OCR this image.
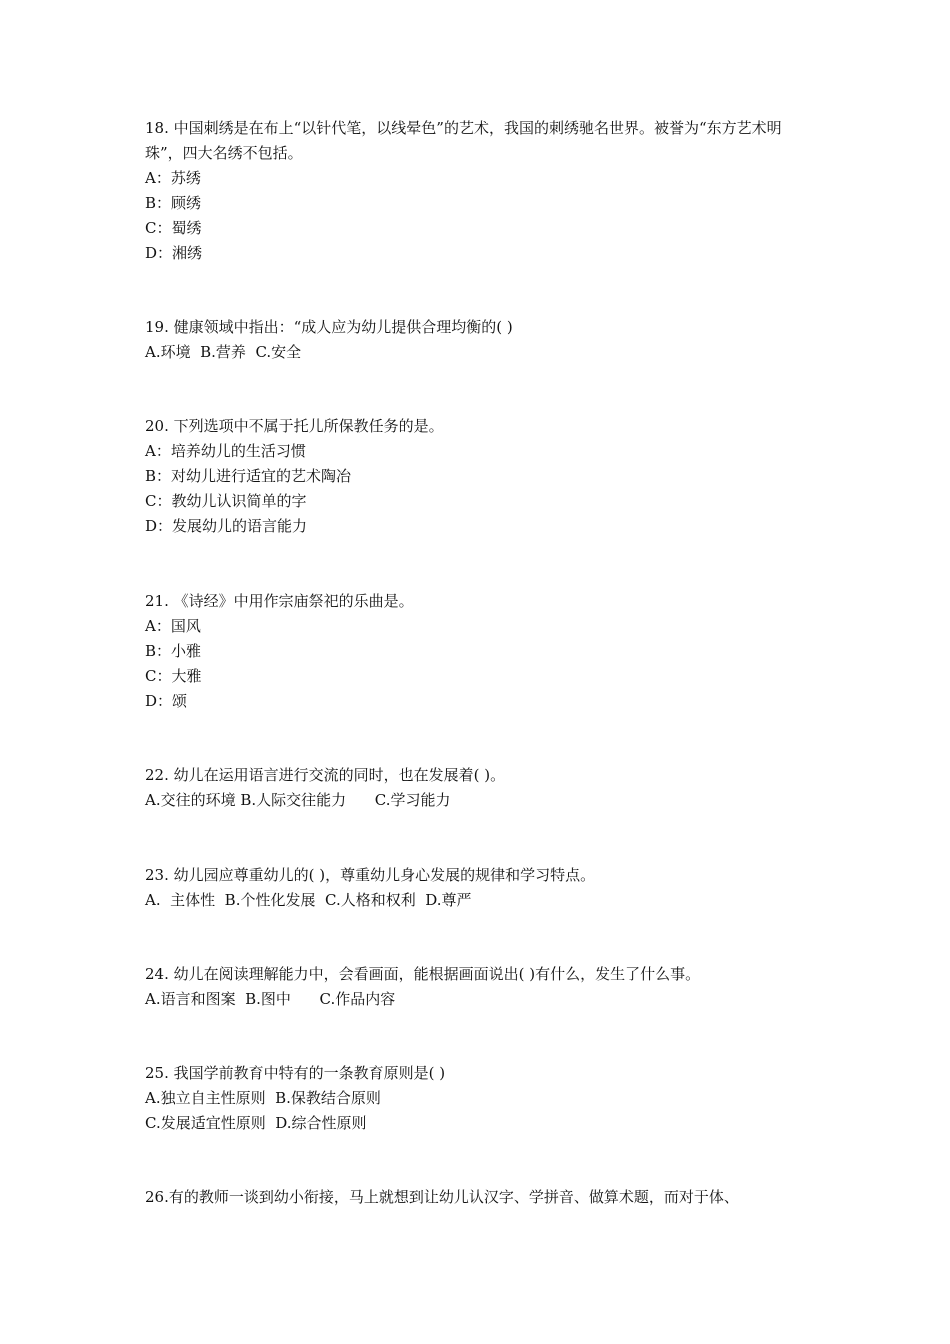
18. 中国刺绣是在布上“以针代笔，以线晕色”的艺术，我国的刺绣驰名世界。被誉为“东方艺术明珠”，四大名绣不包括。

A：苏绣

B：顾绣

C：蜀绣

D：湘绣

19. 健康领域中指出：“成人应为幼儿提供合理均衡的( )

A.环境  B.营养  C.安全

20. 下列选项中不属于托儿所保教任务的是。

A：培养幼儿的生活习惯

B：对幼儿进行适宜的艺术陶冶

C：教幼儿认识简单的字

D：发展幼儿的语言能力

21. 《诗经》中用作宗庙祭祀的乐曲是。

A：国风

B：小雅

C：大雅

D：颂

22. 幼儿在运用语言进行交流的同时，也在发展着( )。

A.交往的环境 B.人际交往能力      C.学习能力

23. 幼儿园应尊重幼儿的( )，尊重幼儿身心发展的规律和学习特点。

A.  主体性  B.个性化发展  C.人格和权利  D.尊严

24. 幼儿在阅读理解能力中，会看画面，能根据画面说出( )有什么，发生了什么事。

A.语言和图案  B.图中      C.作品内容

25. 我国学前教育中特有的一条教育原则是( )

A.独立自主性原则  B.保教结合原则

C.发展适宜性原则  D.综合性原则

26.有的教师一谈到幼小衔接，马上就想到让幼儿认汉字、学拼音、做算术题，而对于体、
